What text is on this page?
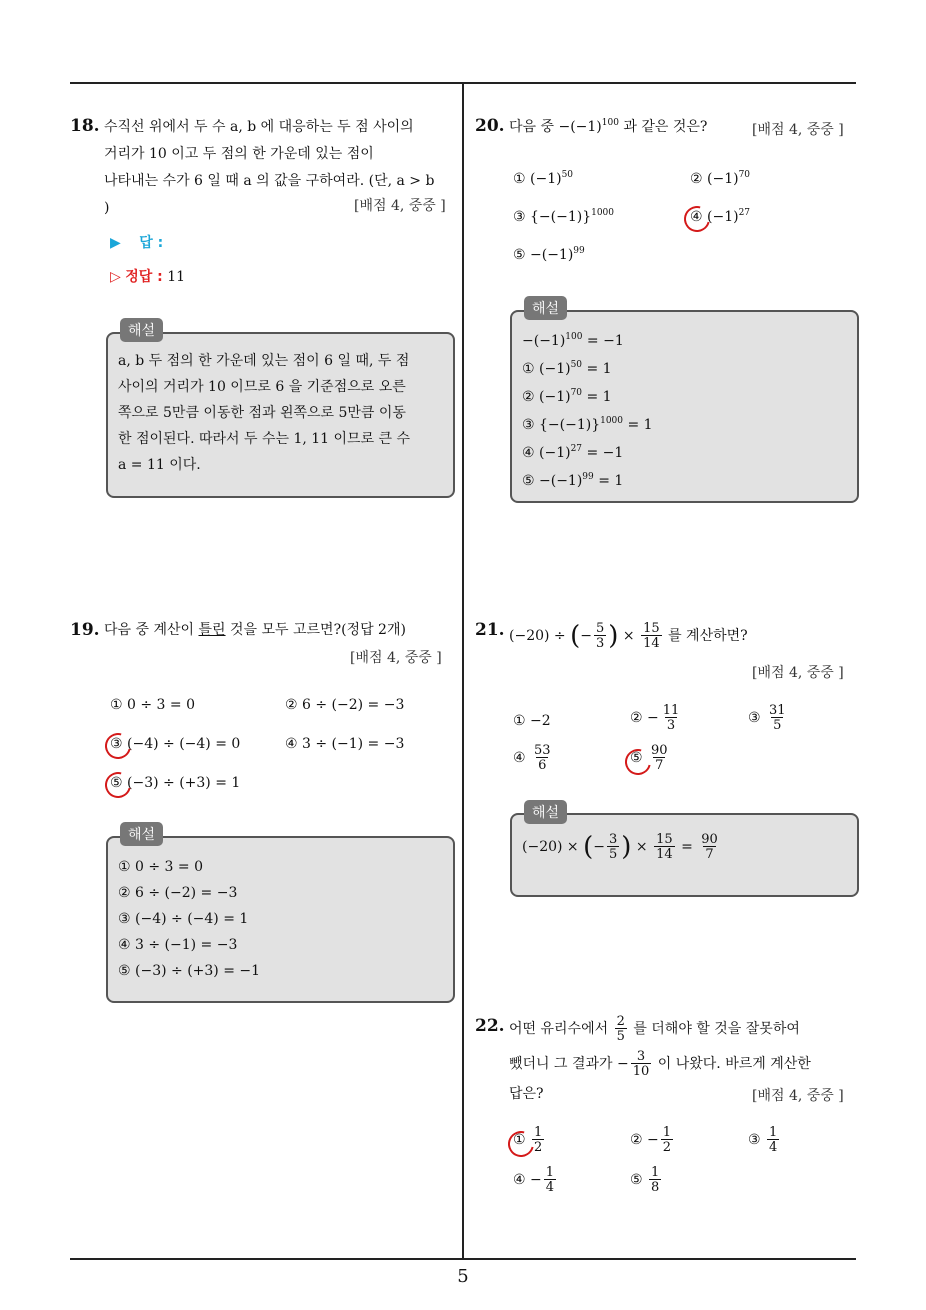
5
18. 수직선 위에서 두 수 a, b 에 대응하는 두 점 사이의
거리가 10 이고 두 점의 한 가운데 있는 점이
나타내는 수가 6 일 때 a 의 값을 구하여라. (단, a > b
)	[배점 4, 중중 ]
▶ 답 :
▷ 정답 : 11
a, b 두 점의 한 가운데 있는 점이 6 일 때, 두 점
사이의 거리가 10 이므로 6 을 기준점으로 오른
쪽으로 5만큼 이동한 점과 왼쪽으로 5만큼 이동
한 점이된다. 따라서 두 수는 1, 11 이므로 큰 수
a = 11 이다.
해설
19. 다음 중 계산이 틀린 것을 모두 고르면?(정답 2개)
[배점 4, 중중 ]
① 0 ÷ 3 = 0	② 6 ÷ (−2) = −3
③ (−4) ÷ (−4) = 0	④ 3 ÷ (−1) = −3
⑤ (−3) ÷ (+3) = 1
① 0 ÷ 3 = 0
② 6 ÷ (−2) = −3
③ (−4) ÷ (−4) = 1
④ 3 ÷ (−1) = −3
⑤ (−3) ÷ (+3) = −1
해설
20. 다음 중 $-(-1)^{100}$ 과 같은 것은?	[배점 4, 중중 ]
① $(-1)^{50}$	② $(-1)^{70}$
③ $\{-(-1)\}^{1000}$	④ $(-1)^{27}$
⑤ $-(-1)^{99}$
$-(-1)^{100} = -1$
① $(-1)^{50} = 1$
② $(-1)^{70} = 1$
③ $\{-(-1)\}^{1000} = 1$
④ $(-1)^{27} = -1$
⑤ $-(-1)^{99} = 1$
해설
21. (−20) ÷ (− $\frac{5}{3}$ ) × $\frac{15}{14}$ 를 계산하면?
[배점 4, 중중 ]
① −2	② − $\frac{11}{3}$	③ $\frac{31}{5}$
④ $\frac{53}{6}$	⑤ $\frac{90}{7}$
(−20) × (− $\frac{3}{5}$ ) × $\frac{15}{14} = \frac{90}{7}$
해설
22. 어떤 유리수에서 $\frac{2}{5}$ 를 더해야 할 것을 잘못하여
뺐더니 그 결과가 − $\frac{3}{10}$ 이 나왔다. 바르게 계산한
답은?	[배점 4, 중중 ]
① $\frac{1}{2}$	② − $\frac{1}{2}$	③ $\frac{1}{4}$
④ − $\frac{1}{4}$	⑤ $\frac{1}{8}$
